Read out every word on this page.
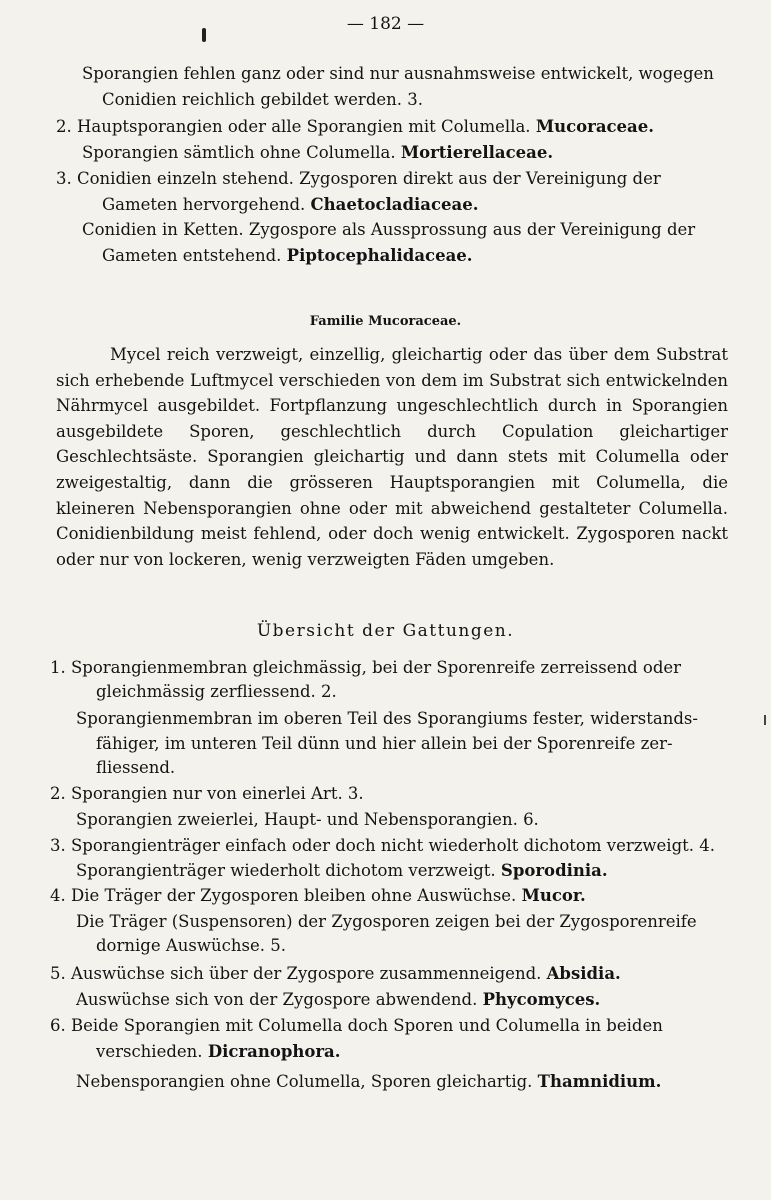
— 182 —
Sporangien fehlen ganz oder sind nur ausnahmsweise entwickelt, wogegen
Conidien reichlich gebildet werden. 3.
2. Hauptsporangien oder alle Sporangien mit Columella. Mucoraceae.
Sporangien sämtlich ohne Columella. Mortierellaceae.
3. Conidien einzeln stehend. Zygosporen direkt aus der Vereinigung der
Gameten hervorgehend. Chaetocladiaceae.
Conidien in Ketten. Zygospore als Aussprossung aus der Vereinigung der
Gameten entstehend. Piptocephalidaceae.
Familie Mucoraceae.

Mycel reich verzweigt, einzellig, gleichartig oder das über dem Substrat sich erhebende Luftmycel verschieden von dem im Substrat sich entwickelnden Nährmycel ausgebildet. Fortpflanzung ungeschlechtlich durch in Sporangien ausgebildete Sporen, geschlechtlich durch Copulation gleichartiger Geschlechtsäste. Sporangien gleichartig und dann stets mit Columella oder zweigestaltig, dann die grösseren Hauptsporangien mit Columella, die kleineren Nebensporangien ohne oder mit abweichend gestalteter Columella. Conidienbildung meist fehlend, oder doch wenig entwickelt. Zygosporen nackt oder nur von lockeren, wenig verzweigten Fäden umgeben.

Übersicht der Gattungen.
1. Sporangienmembran gleichmässig, bei der Sporenreife zerreissend oder
gleichmässig zerfliessend. 2.
Sporangienmembran im oberen Teil des Sporangiums fester, widerstands-
fähiger, im unteren Teil dünn und hier allein bei der Sporenreife zer-
fliessend.
2. Sporangien nur von einerlei Art. 3.
Sporangien zweierlei, Haupt- und Nebensporangien. 6.
3. Sporangienträger einfach oder doch nicht wiederholt dichotom verzweigt. 4.
Sporangienträger wiederholt dichotom verzweigt. Sporodinia.
4. Die Träger der Zygosporen bleiben ohne Auswüchse. Mucor.
Die Träger (Suspensoren) der Zygosporen zeigen bei der Zygosporenreife
dornige Auswüchse. 5.
5. Auswüchse sich über der Zygospore zusammenneigend. Absidia.
Auswüchse sich von der Zygospore abwendend. Phycomyces.
6. Beide Sporangien mit Columella doch Sporen und Columella in beiden
verschieden. Dicranophora.
Nebensporangien ohne Columella, Sporen gleichartig. Thamnidium.
